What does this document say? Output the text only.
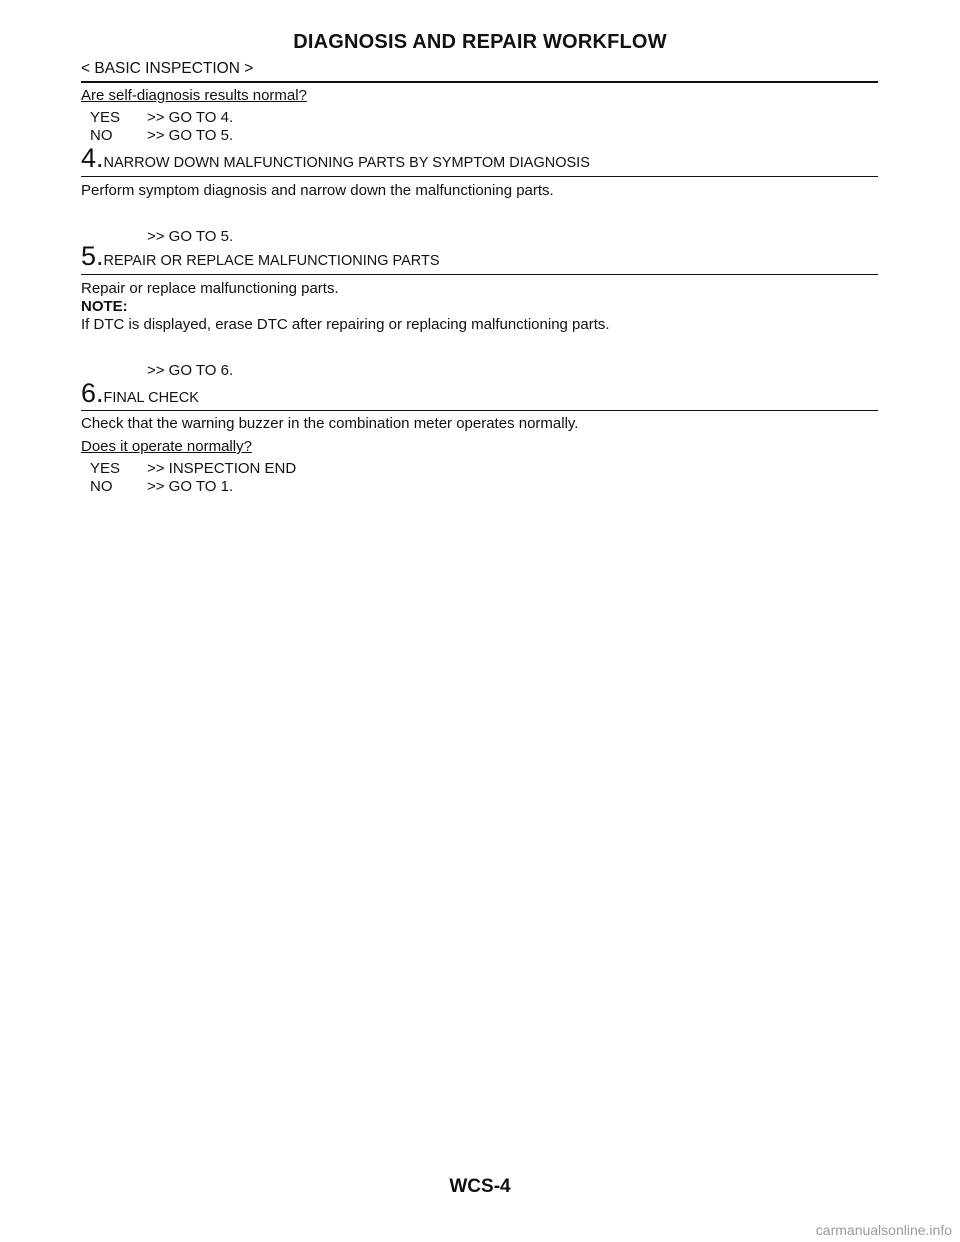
DIAGNOSIS AND REPAIR WORKFLOW
< BASIC INSPECTION >
Are self-diagnosis results normal?
YES >> GO TO 4.
NO >> GO TO 5.
4.NARROW DOWN MALFUNCTIONING PARTS BY SYMPTOM DIAGNOSIS
Perform symptom diagnosis and narrow down the malfunctioning parts.
>> GO TO 5.
5.REPAIR OR REPLACE MALFUNCTIONING PARTS
Repair or replace malfunctioning parts.
NOTE:
If DTC is displayed, erase DTC after repairing or replacing malfunctioning parts.
>> GO TO 6.
6.FINAL CHECK
Check that the warning buzzer in the combination meter operates normally.
Does it operate normally?
YES >> INSPECTION END
NO >> GO TO 1.
WCS-4
carmanualsonline.info
